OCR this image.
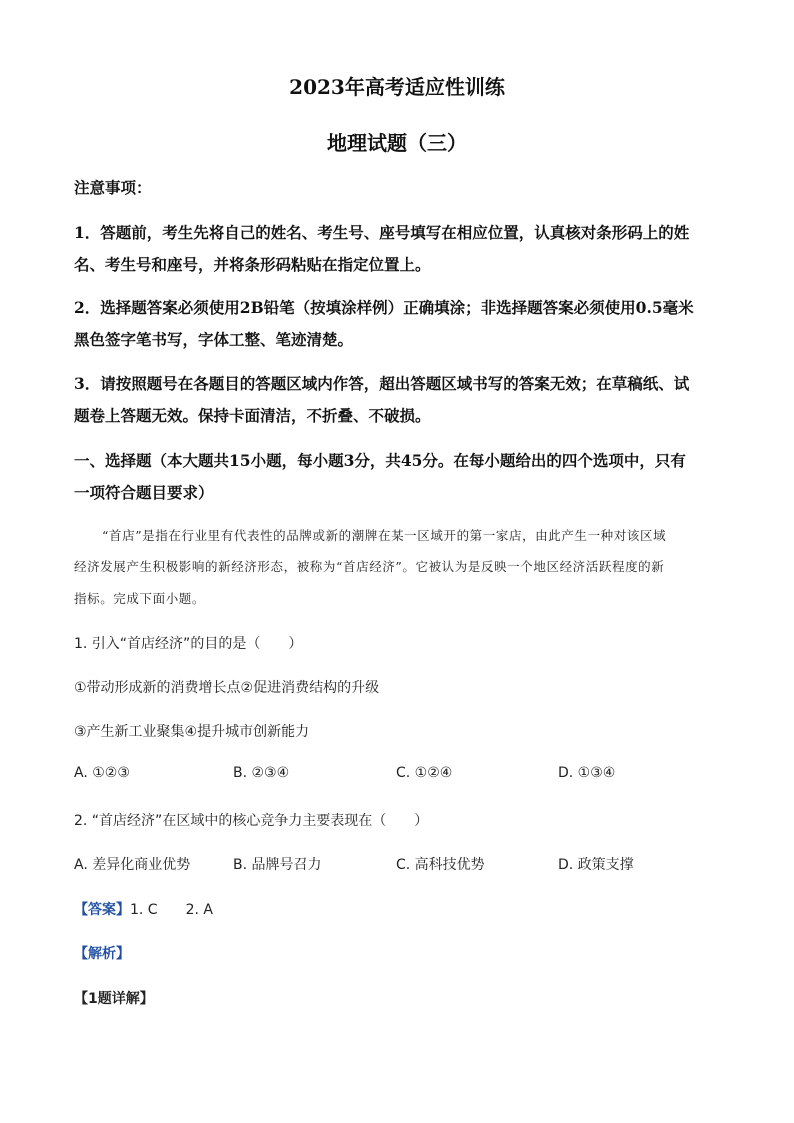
2023年高考适应性训练
地理试题（三）
注意事项：
1．答题前，考生先将自己的姓名、考生号、座号填写在相应位置，认真核对条形码上的姓
名、考生号和座号，并将条形码粘贴在指定位置上。
2．选择题答案必须使用2B铅笔（按填涂样例）正确填涂；非选择题答案必须使用0.5毫米
黑色签字笔书写，字体工整、笔迹清楚。
3．请按照题号在各题目的答题区域内作答，超出答题区域书写的答案无效；在草稿纸、试
题卷上答题无效。保持卡面清洁，不折叠、不破损。
一、选择题（本大题共15小题，每小题3分，共45分。在每小题给出的四个选项中，只有
一项符合题目要求）
“首店”是指在行业里有代表性的品牌或新的潮牌在某一区域开的第一家店，由此产生一种对该区域
经济发展产生积极影响的新经济形态，被称为“首店经济”。它被认为是反映一个地区经济活跃程度的新
指标。完成下面小题。
1. 引入“首店经济”的目的是（　　）
①带动形成新的消费增长点②促进消费结构的升级
③产生新工业聚集④提升城市创新能力
A. ①②③	B. ②③④	C. ①②④	D. ①③④
2. “首店经济”在区域中的核心竞争力主要表现在（　　）
A. 差异化商业优势	B. 品牌号召力	C. 高科技优势	D. 政策支撑
【答案】1. C　　2. A
【解析】
【1题详解】
